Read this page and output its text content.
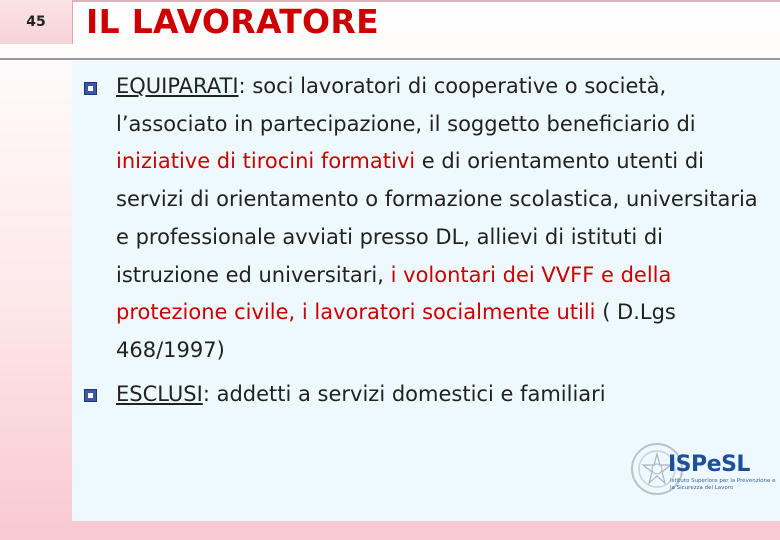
45	IL LAVORATORE
EQUIPARATI: soci lavoratori di cooperative o società, l’associato in partecipazione, il soggetto beneficiario di iniziative di tirocini formativi e di orientamento utenti di servizi di orientamento o formazione scolastica, universitaria e professionale avviati presso DL, allievi di istituti di istruzione ed universitari, i volontari dei VVFF e della protezione civile, i lavoratori socialmente utili ( D.Lgs 468/1997)
ESCLUSI: addetti a servizi domestici e familiari
ISPeSL
Istituto Superiore per la Prevenzione e la Sicurezza del Lavoro
